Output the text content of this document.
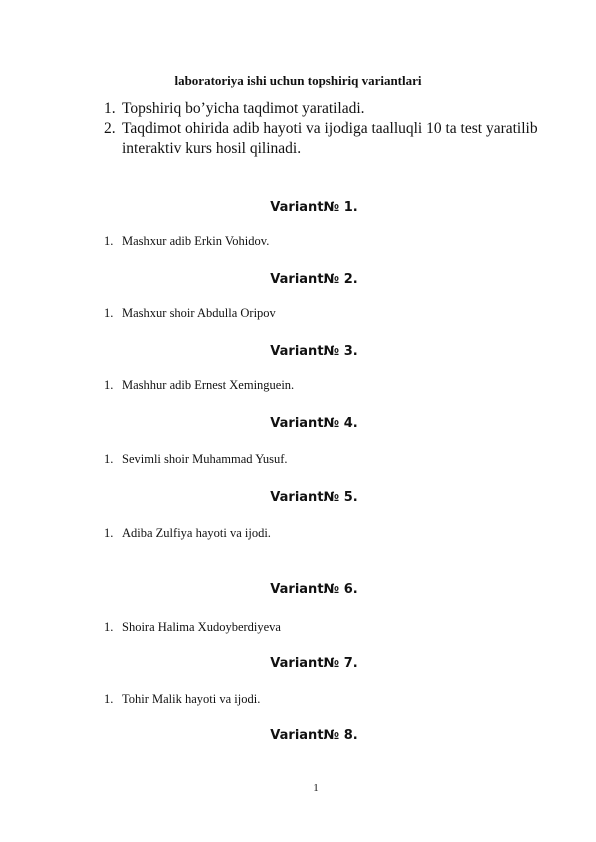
laboratoriya ishi uchun topshiriq variantlari
1. Topshiriq bo’yicha taqdimot yaratiladi.
2. Taqdimot ohirida adib hayoti va ijodiga taalluqli 10 ta test yaratilib
interaktiv kurs hosil qilinadi.
Variant№ 1.
1. Mashxur adib Erkin Vohidov.
Variant№ 2.
1. Mashxur shoir Abdulla Oripov
Variant№ 3.
1. Mashhur adib Ernest Xeminguein.
Variant№ 4.
1. Sevimli shoir Muhammad Yusuf.
Variant№ 5.
1. Adiba Zulfiya hayoti va ijodi.
Variant№ 6.
1. Shoira Halima Xudoyberdiyeva
Variant№ 7.
1. Tohir Malik hayoti va ijodi.
Variant№ 8.
1
